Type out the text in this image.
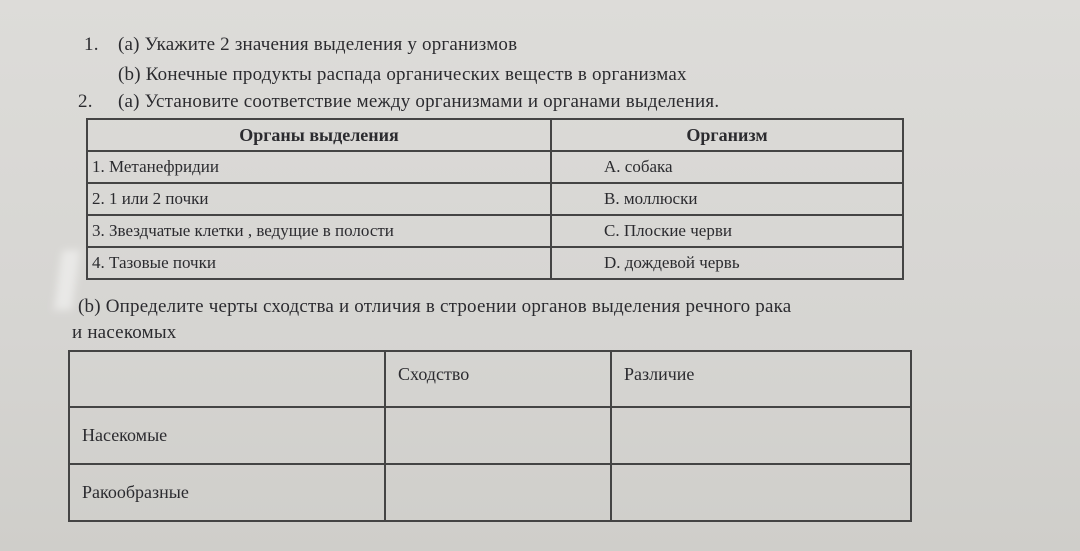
1. (a) Укажите 2 значения выделения у организмов
(b) Конечные продукты распада органических веществ в организмах
2. (a) Установите соответствие между организмами и органами выделения.
Органы выделения	Организм
1. Метанефридии	А. собака
2. 1 или 2 почки	В. моллюски
3. Звездчатые клетки , ведущие в полости	С. Плоские черви
4. Тазовые почки	D. дождевой червь
(b) Определите черты сходства и отличия в строении органов выделения речного рака
и насекомых
	Сходство	Различие
Насекомые		
Ракообразные		
